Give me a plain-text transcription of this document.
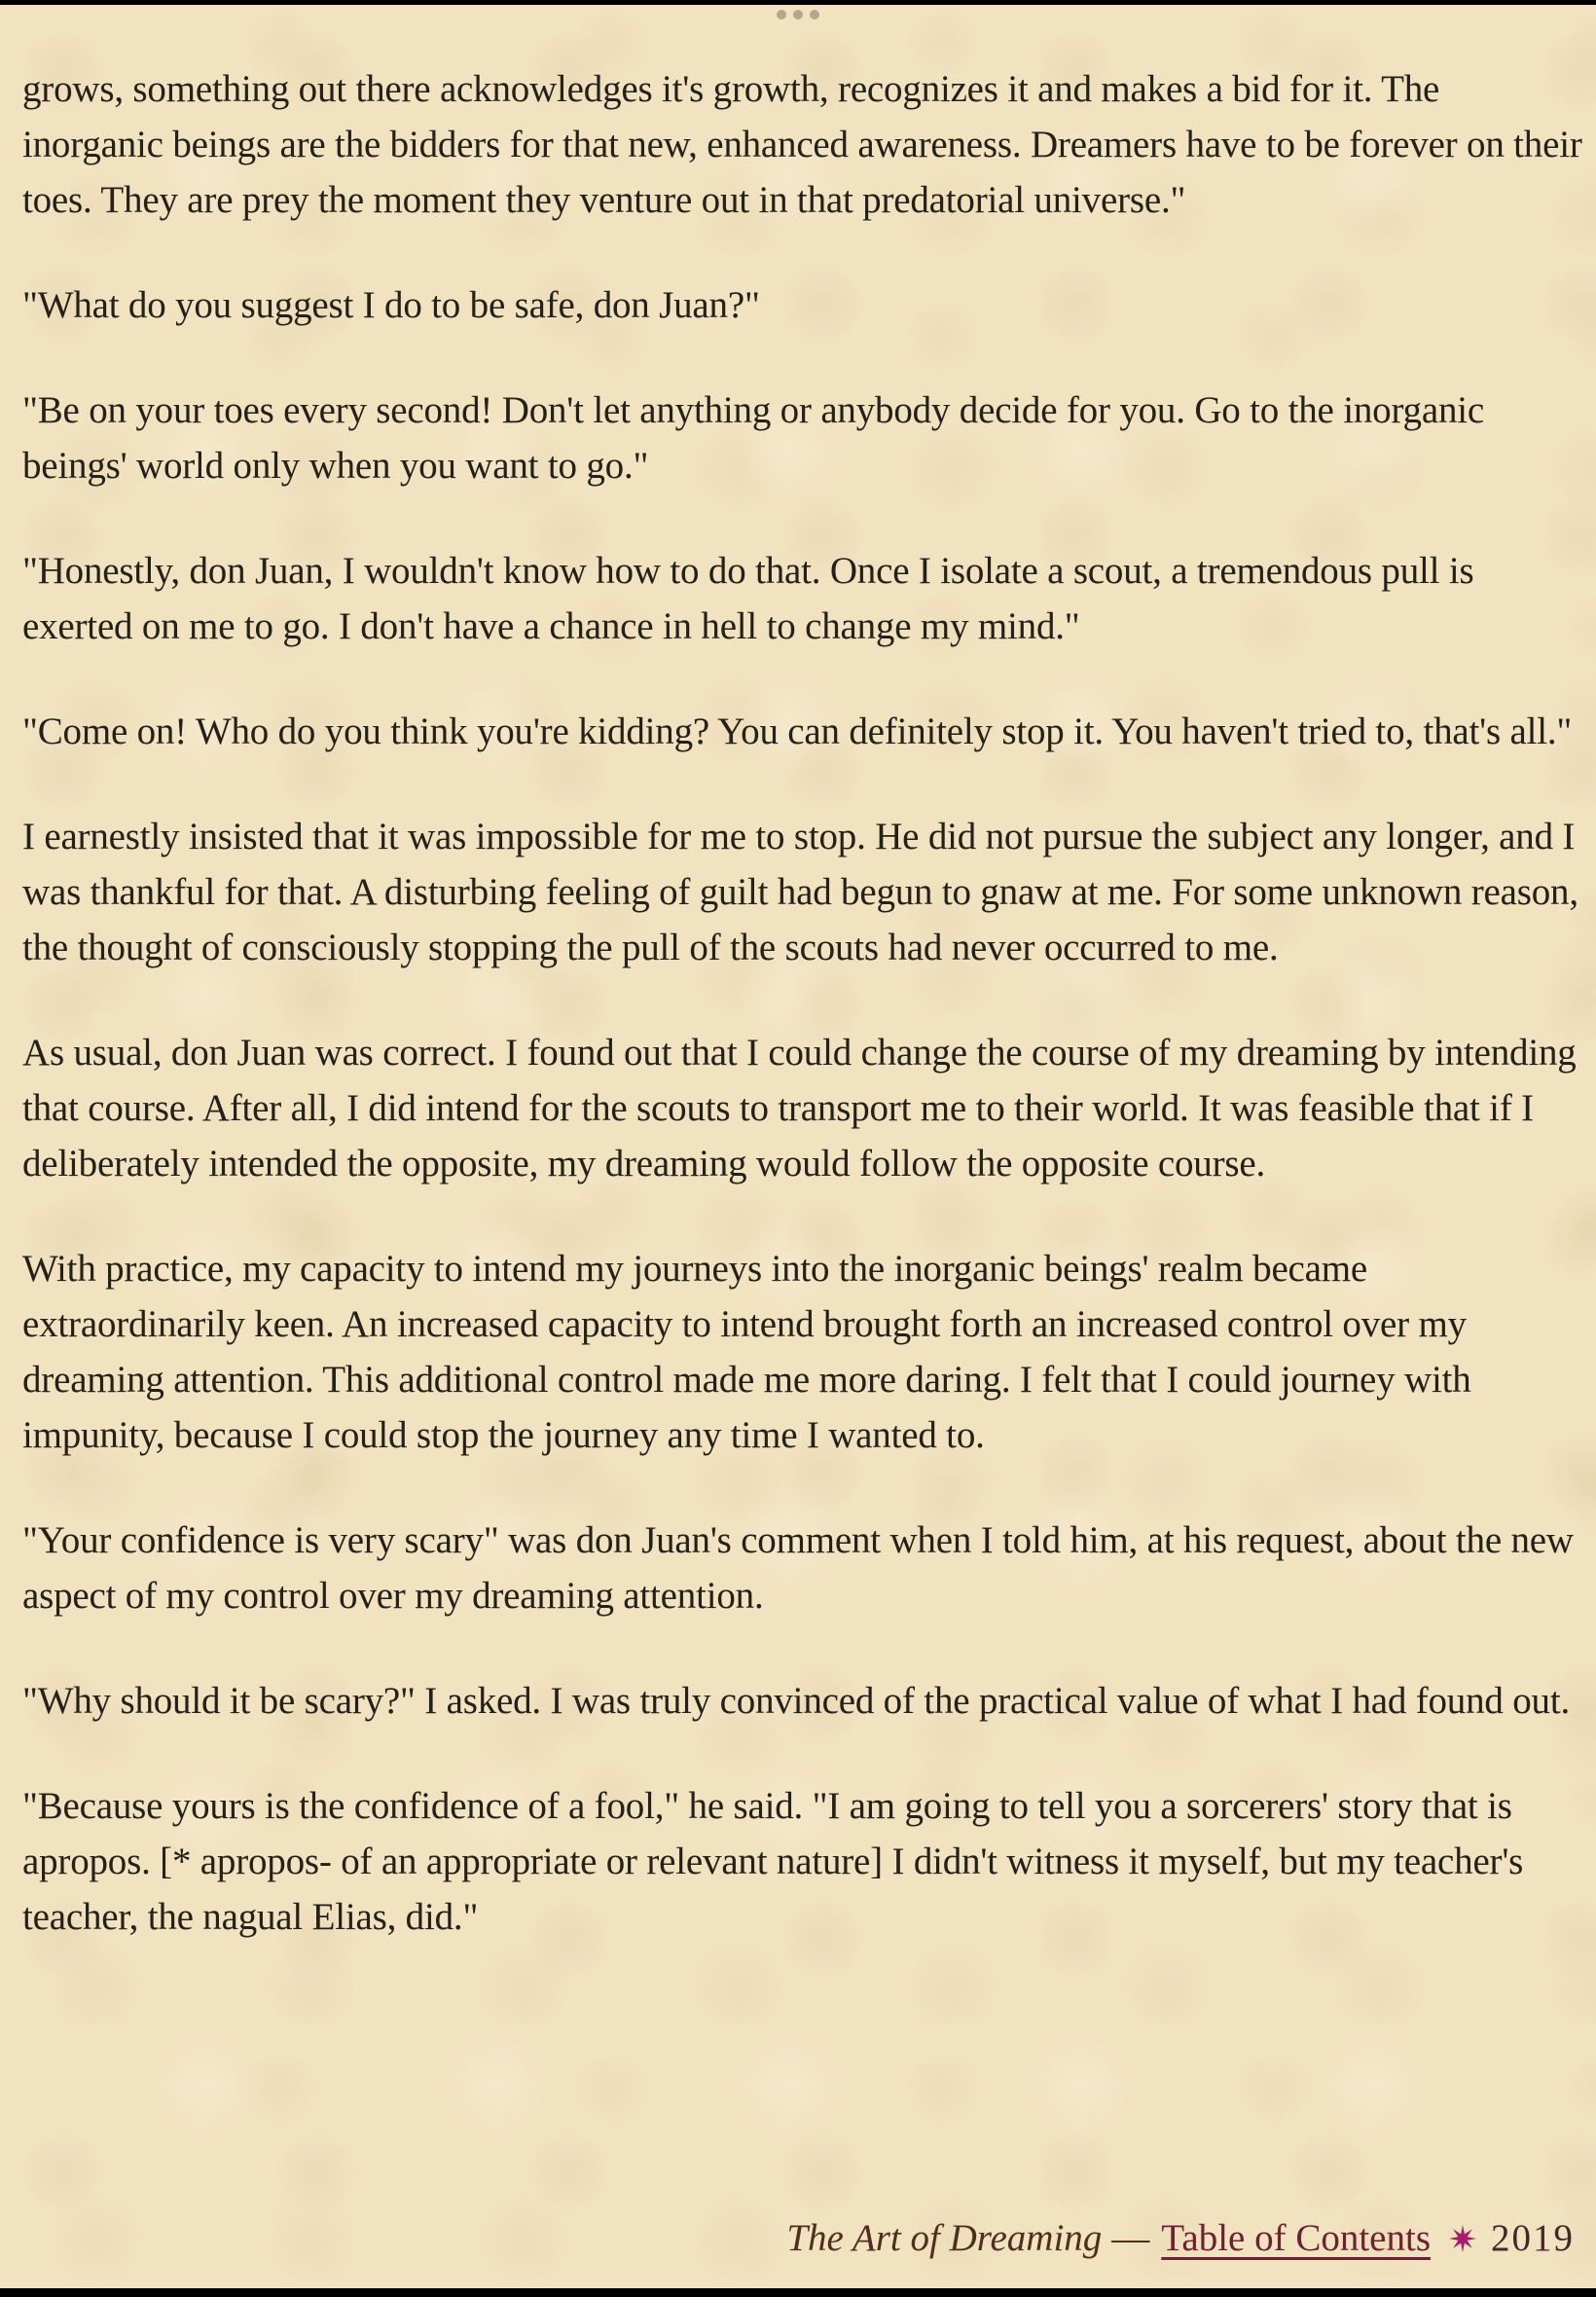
grows, something out there acknowledges it's growth, recognizes it and makes a bid for it. The inorganic beings are the bidders for that new, enhanced awareness. Dreamers have to be forever on their toes. They are prey the moment they venture out in that predatorial universe."

"What do you suggest I do to be safe, don Juan?"

"Be on your toes every second! Don't let anything or anybody decide for you. Go to the inorganic beings' world only when you want to go."

"Honestly, don Juan, I wouldn't know how to do that. Once I isolate a scout, a tremendous pull is exerted on me to go. I don't have a chance in hell to change my mind."

"Come on! Who do you think you're kidding? You can definitely stop it. You haven't tried to, that's all."

I earnestly insisted that it was impossible for me to stop. He did not pursue the subject any longer, and I was thankful for that. A disturbing feeling of guilt had begun to gnaw at me. For some unknown reason, the thought of consciously stopping the pull of the scouts had never occurred to me.

As usual, don Juan was correct. I found out that I could change the course of my dreaming by intending that course. After all, I did intend for the scouts to transport me to their world. It was feasible that if I deliberately intended the opposite, my dreaming would follow the opposite course.

With practice, my capacity to intend my journeys into the inorganic beings' realm became extraordinarily keen. An increased capacity to intend brought forth an increased control over my dreaming attention. This additional control made me more daring. I felt that I could journey with impunity, because I could stop the journey any time I wanted to.

"Your confidence is very scary" was don Juan's comment when I told him, at his request, about the new aspect of my control over my dreaming attention.

"Why should it be scary?" I asked. I was truly convinced of the practical value of what I had found out.

"Because yours is the confidence of a fool," he said. "I am going to tell you a sorcerers' story that is apropos. [* apropos- of an appropriate or relevant nature] I didn't witness it myself, but my teacher's teacher, the nagual Elias, did."

The Art of Dreaming — Table of Contents 2019
